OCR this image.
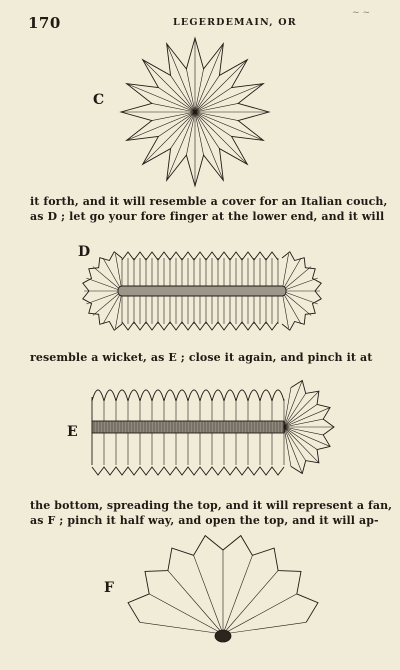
170	LEGERDEMAIN, OR
~ ~
C
it forth, and it will resemble a cover for an Italian couch,
as D ; let go your fore finger at the lower end, and it will
D
resemble a wicket, as E ; close it again, and pinch it at
E
the bottom, spreading the top, and it will represent a fan,
as F ; pinch it half way, and open the top, and it will ap-
F
